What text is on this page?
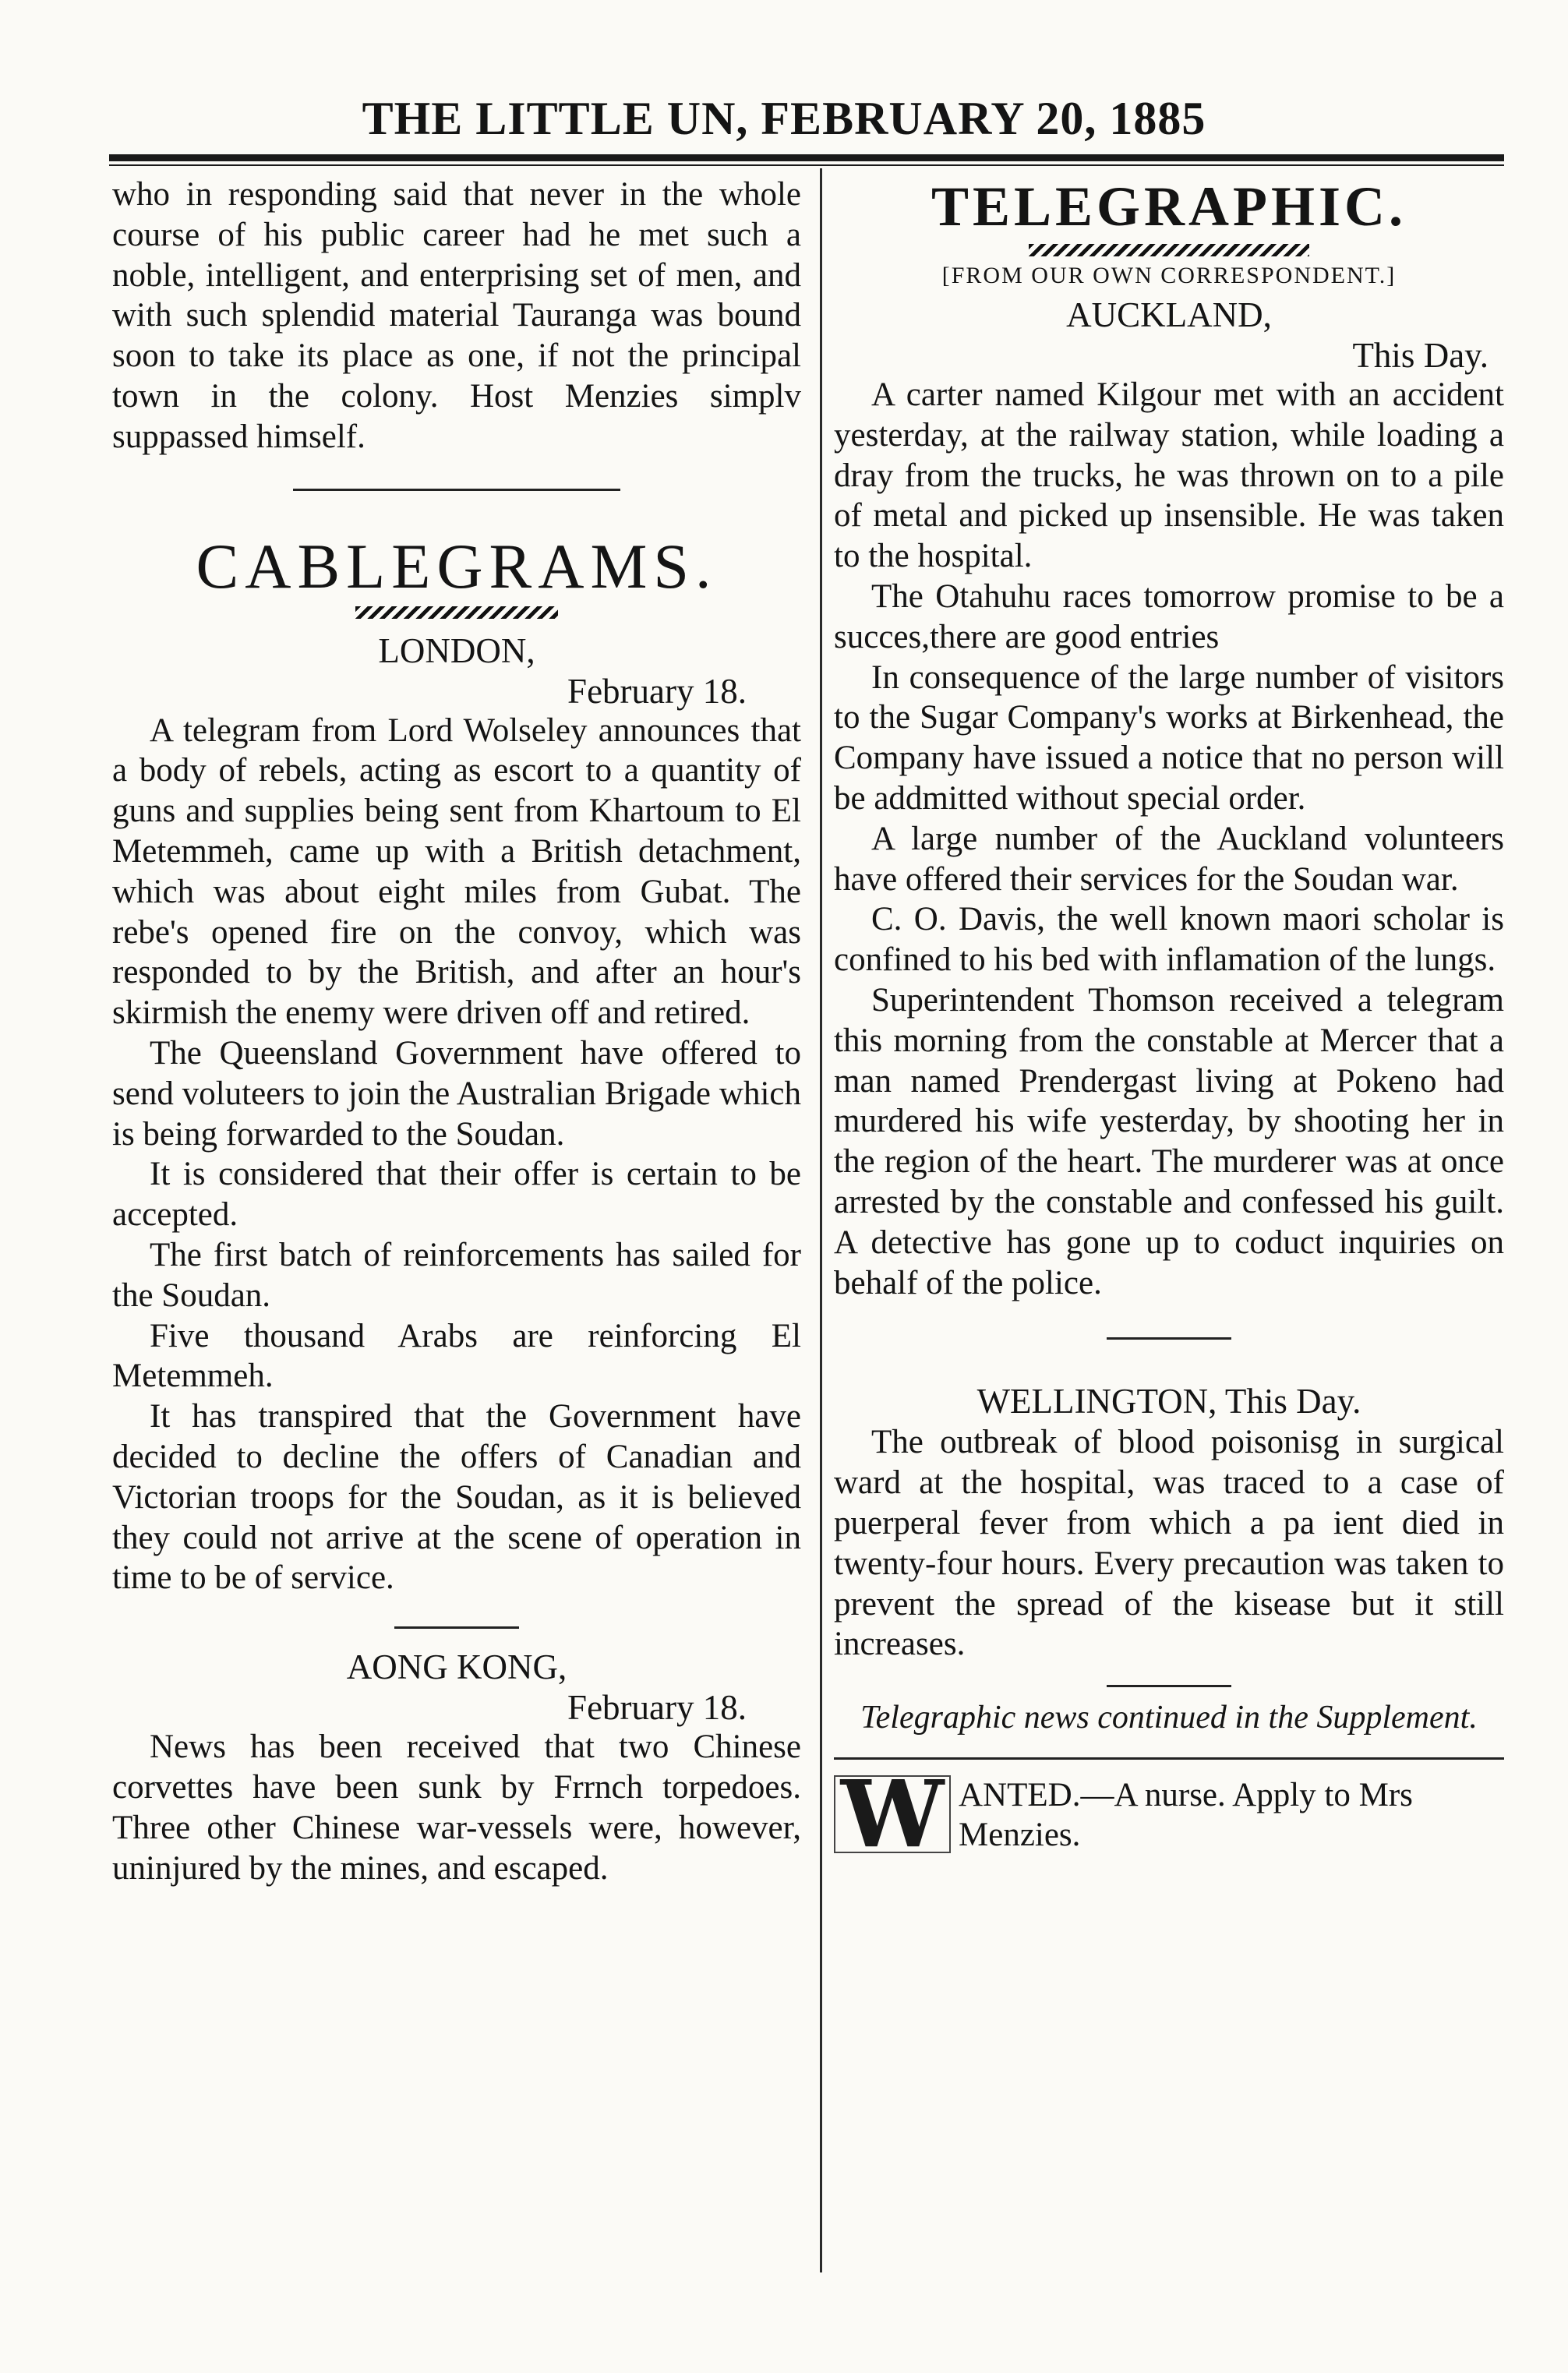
THE LITTLE UN, FEBRUARY 20, 1885

who in responding said that never in the whole course of his public career had he met such a noble, intelligent, and enterprising set of men, and with such splendid material Tauranga was bound soon to take its place as one, if not the principal town in the colony. Host Menzies simplv suppassed himself.

CABLEGRAMS.
LONDON,
February 18.

A telegram from Lord Wolseley announces that a body of rebels, acting as escort to a quantity of guns and supplies being sent from Khartoum to El Metemmeh, came up with a British detachment, which was about eight miles from Gubat. The rebe's opened fire on the convoy, which was responded to by the British, and after an hour's skirmish the enemy were driven off and retired.

The Queensland Government have offered to send voluteers to join the Australian Brigade which is being forwarded to the Soudan.

It is considered that their offer is certain to be accepted.

The first batch of reinforcements has sailed for the Soudan.

Five thousand Arabs are reinforcing El Metemmeh.

It has transpired that the Government have decided to decline the offers of Canadian and Victorian troops for the Soudan, as it is believed they could not arrive at the scene of operation in time to be of service.

AONG KONG,
February 18.

News has been received that two Chinese corvettes have been sunk by Frrnch torpedoes. Three other Chinese war-vessels were, however, uninjured by the mines, and escaped.

TELEGRAPHIC.
[FROM OUR OWN CORRESPONDENT.]
AUCKLAND,
This Day.

A carter named Kilgour met with an accident yesterday, at the railway station, while loading a dray from the trucks, he was thrown on to a pile of metal and picked up insensible. He was taken to the hospital.

The Otahuhu races tomorrow promise to be a succes,there are good entries

In consequence of the large number of visitors to the Sugar Company's works at Birkenhead, the Company have issued a notice that no person will be addmitted without special order.

A large number of the Auckland volunteers have offered their services for the Soudan war.

C. O. Davis, the well known maori scholar is confined to his bed with inflamation of the lungs.

Superintendent Thomson received a telegram this morning from the constable at Mercer that a man named Prendergast living at Pokeno had murdered his wife yesterday, by shooting her in the region of the heart. The murderer was at once arrested by the constable and confessed his guilt. A detective has gone up to coduct inquiries on behalf of the police.

WELLINGTON, This Day.

The outbreak of blood poisonisg in surgical ward at the hospital, was traced to a case of puerperal fever from which a pa ient died in twenty-four hours. Every precaution was taken to prevent the spread of the kisease but it still increases.

Telegraphic news continued in the Supplement.
W ANTED.—A nurse. Apply to Mrs Menzies.
